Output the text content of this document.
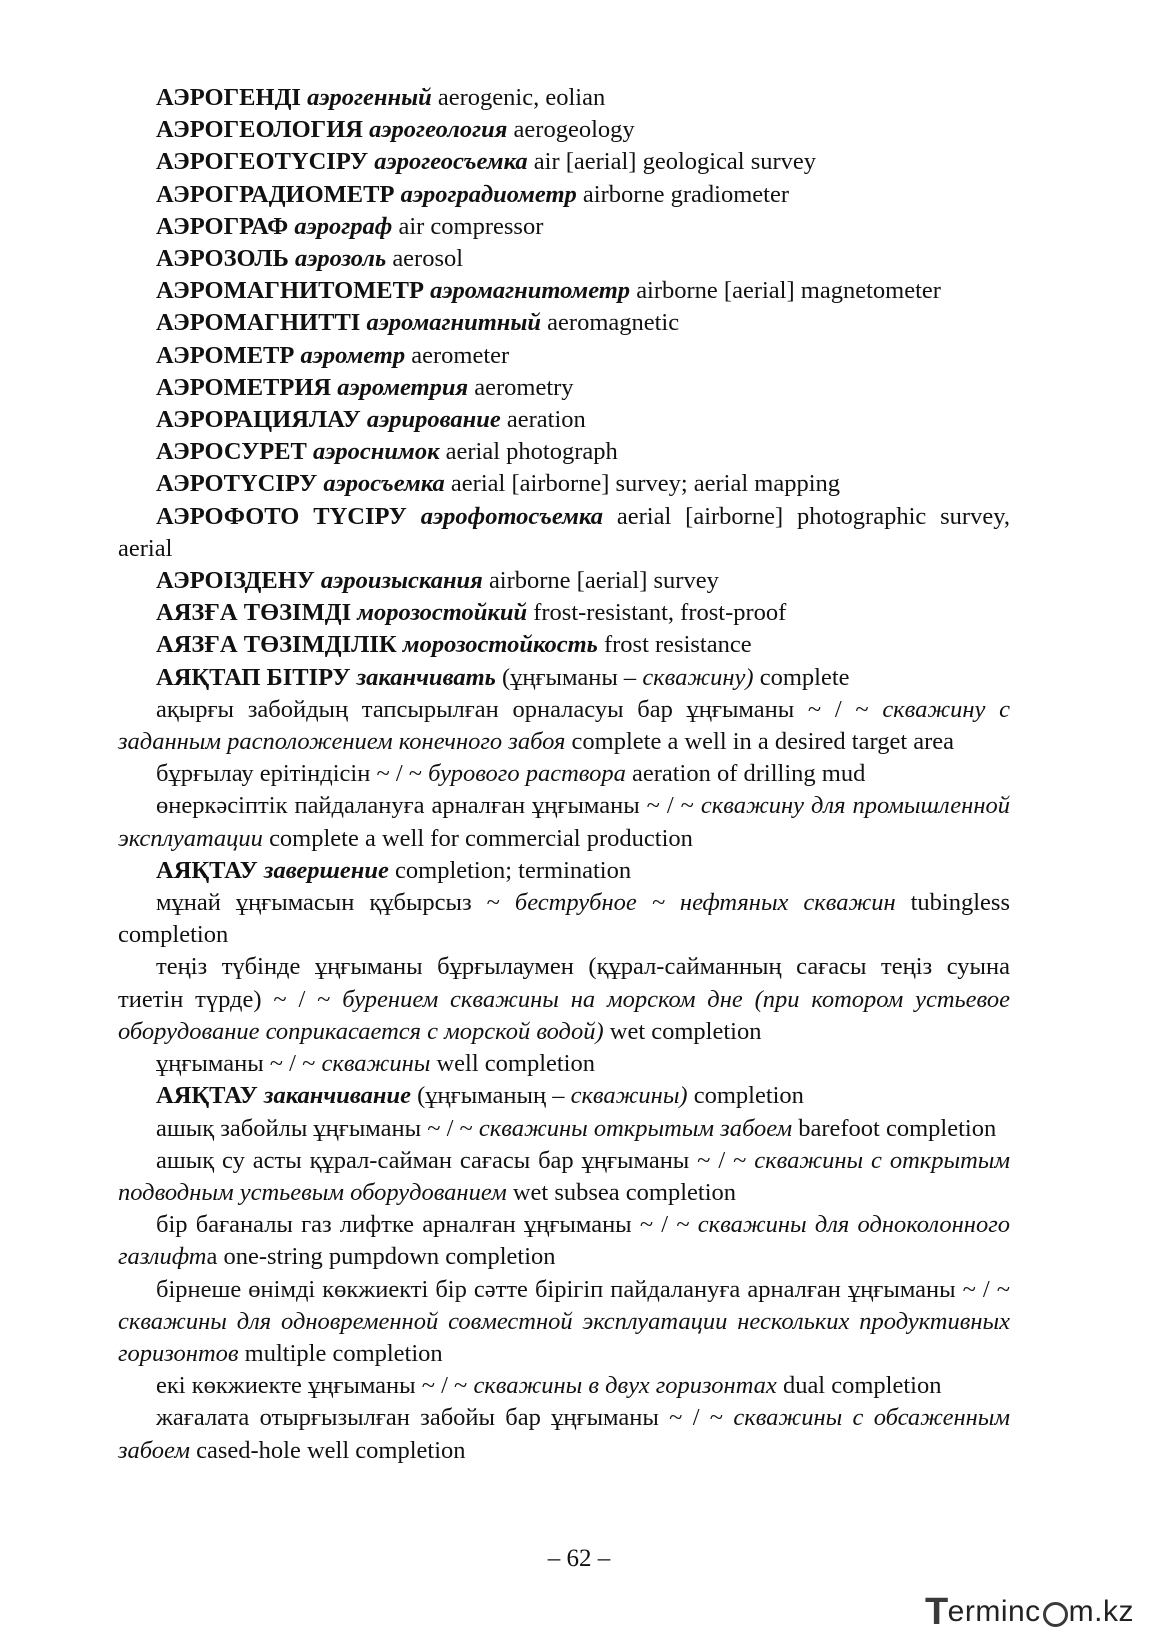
АЭРОГЕНДІ аэрогенный aerogenic, eolian

АЭРОГЕОЛОГИЯ аэрогеология aerogeology

АЭРОГЕОТҮСІРУ аэрогеосъемка air [aerial] geological survey

АЭРОГРАДИОМЕТР аэроградиометр airborne gradiometer

АЭРОГРАФ аэрограф air compressor

АЭРОЗОЛЬ аэрозоль aerosol

АЭРОМАГНИТОМЕТР аэромагнитометр airborne [aerial] magnetometer

АЭРОМАГНИТТІ аэромагнитный aeromagnetic

АЭРОМЕТР аэрометр aerometer

АЭРОМЕТРИЯ аэрометрия aerometry

АЭРОРАЦИЯЛАУ аэрирование aeration

АЭРОСУРЕТ аэроснимок aerial photograph

АЭРОТҮСІРУ аэросъемка aerial [airborne] survey; aerial mapping

АЭРОФОТО ТҮСІРУ аэрофотосъемка aerial [airborne] photographic survey, aerial

АЭРОІЗДЕНУ аэроизыскания airborne [aerial] survey

АЯЗҒА ТӨЗІМДІ морозостойкий frost-resistant, frost-proof

АЯЗҒА ТӨЗІМДІЛІК морозостойкость frost resistance

АЯҚТАП БІТІРУ заканчивать (ұңғыманы – скважину) complete

ақырғы забойдың тапсырылған орналасуы бар ұңғыманы ~ / ~ скважину с заданным расположением конечного забоя complete a well in a desired target area

бұрғылау ерітіндісін ~ / ~ бурового раствора aeration of drilling mud

өнеркәсіптік пайдалануға арналған ұңғыманы ~ / ~ скважину для промышленной эксплуатации complete a well for commercial production

АЯҚТАУ завершение completion; termination

мұнай ұңғымасын құбырсыз ~ беструбное ~ нефтяных скважин tubingless completion

теңіз түбінде ұңғыманы бұрғылаумен (құрал-сайманның сағасы теңіз суына тиетін түрде) ~ / ~ бурением скважины на морском дне (при котором устьевое оборудование соприкасается с морской водой) wet completion

ұңғыманы ~ / ~ скважины well completion

АЯҚТАУ заканчивание (ұңғыманың – скважины) completion

ашық забойлы ұңғыманы ~ / ~ скважины открытым забоем barefoot completion

ашық су асты құрал-сайман сағасы бар ұңғыманы ~ / ~ скважины с открытым подводным устьевым оборудованием wet subsea completion

бір бағаналы газ лифтке арналған ұңғыманы ~ / ~ скважины для одноколонного газлифта one-string pumpdown completion

бірнеше өнімді көкжиекті бір сәтте бірігіп пайдалануға арналған ұңғыманы ~ / ~ скважины для одновременной совместной эксплуатации нескольких продуктивных горизонтов multiple completion

екі көкжиекте ұңғыманы ~ / ~ скважины в двух горизонтах dual completion

жағалата отырғызылған забойы бар ұңғыманы ~ / ~ скважины с обсаженным забоем cased-hole well completion

– 62 –
T erminc m.kz
